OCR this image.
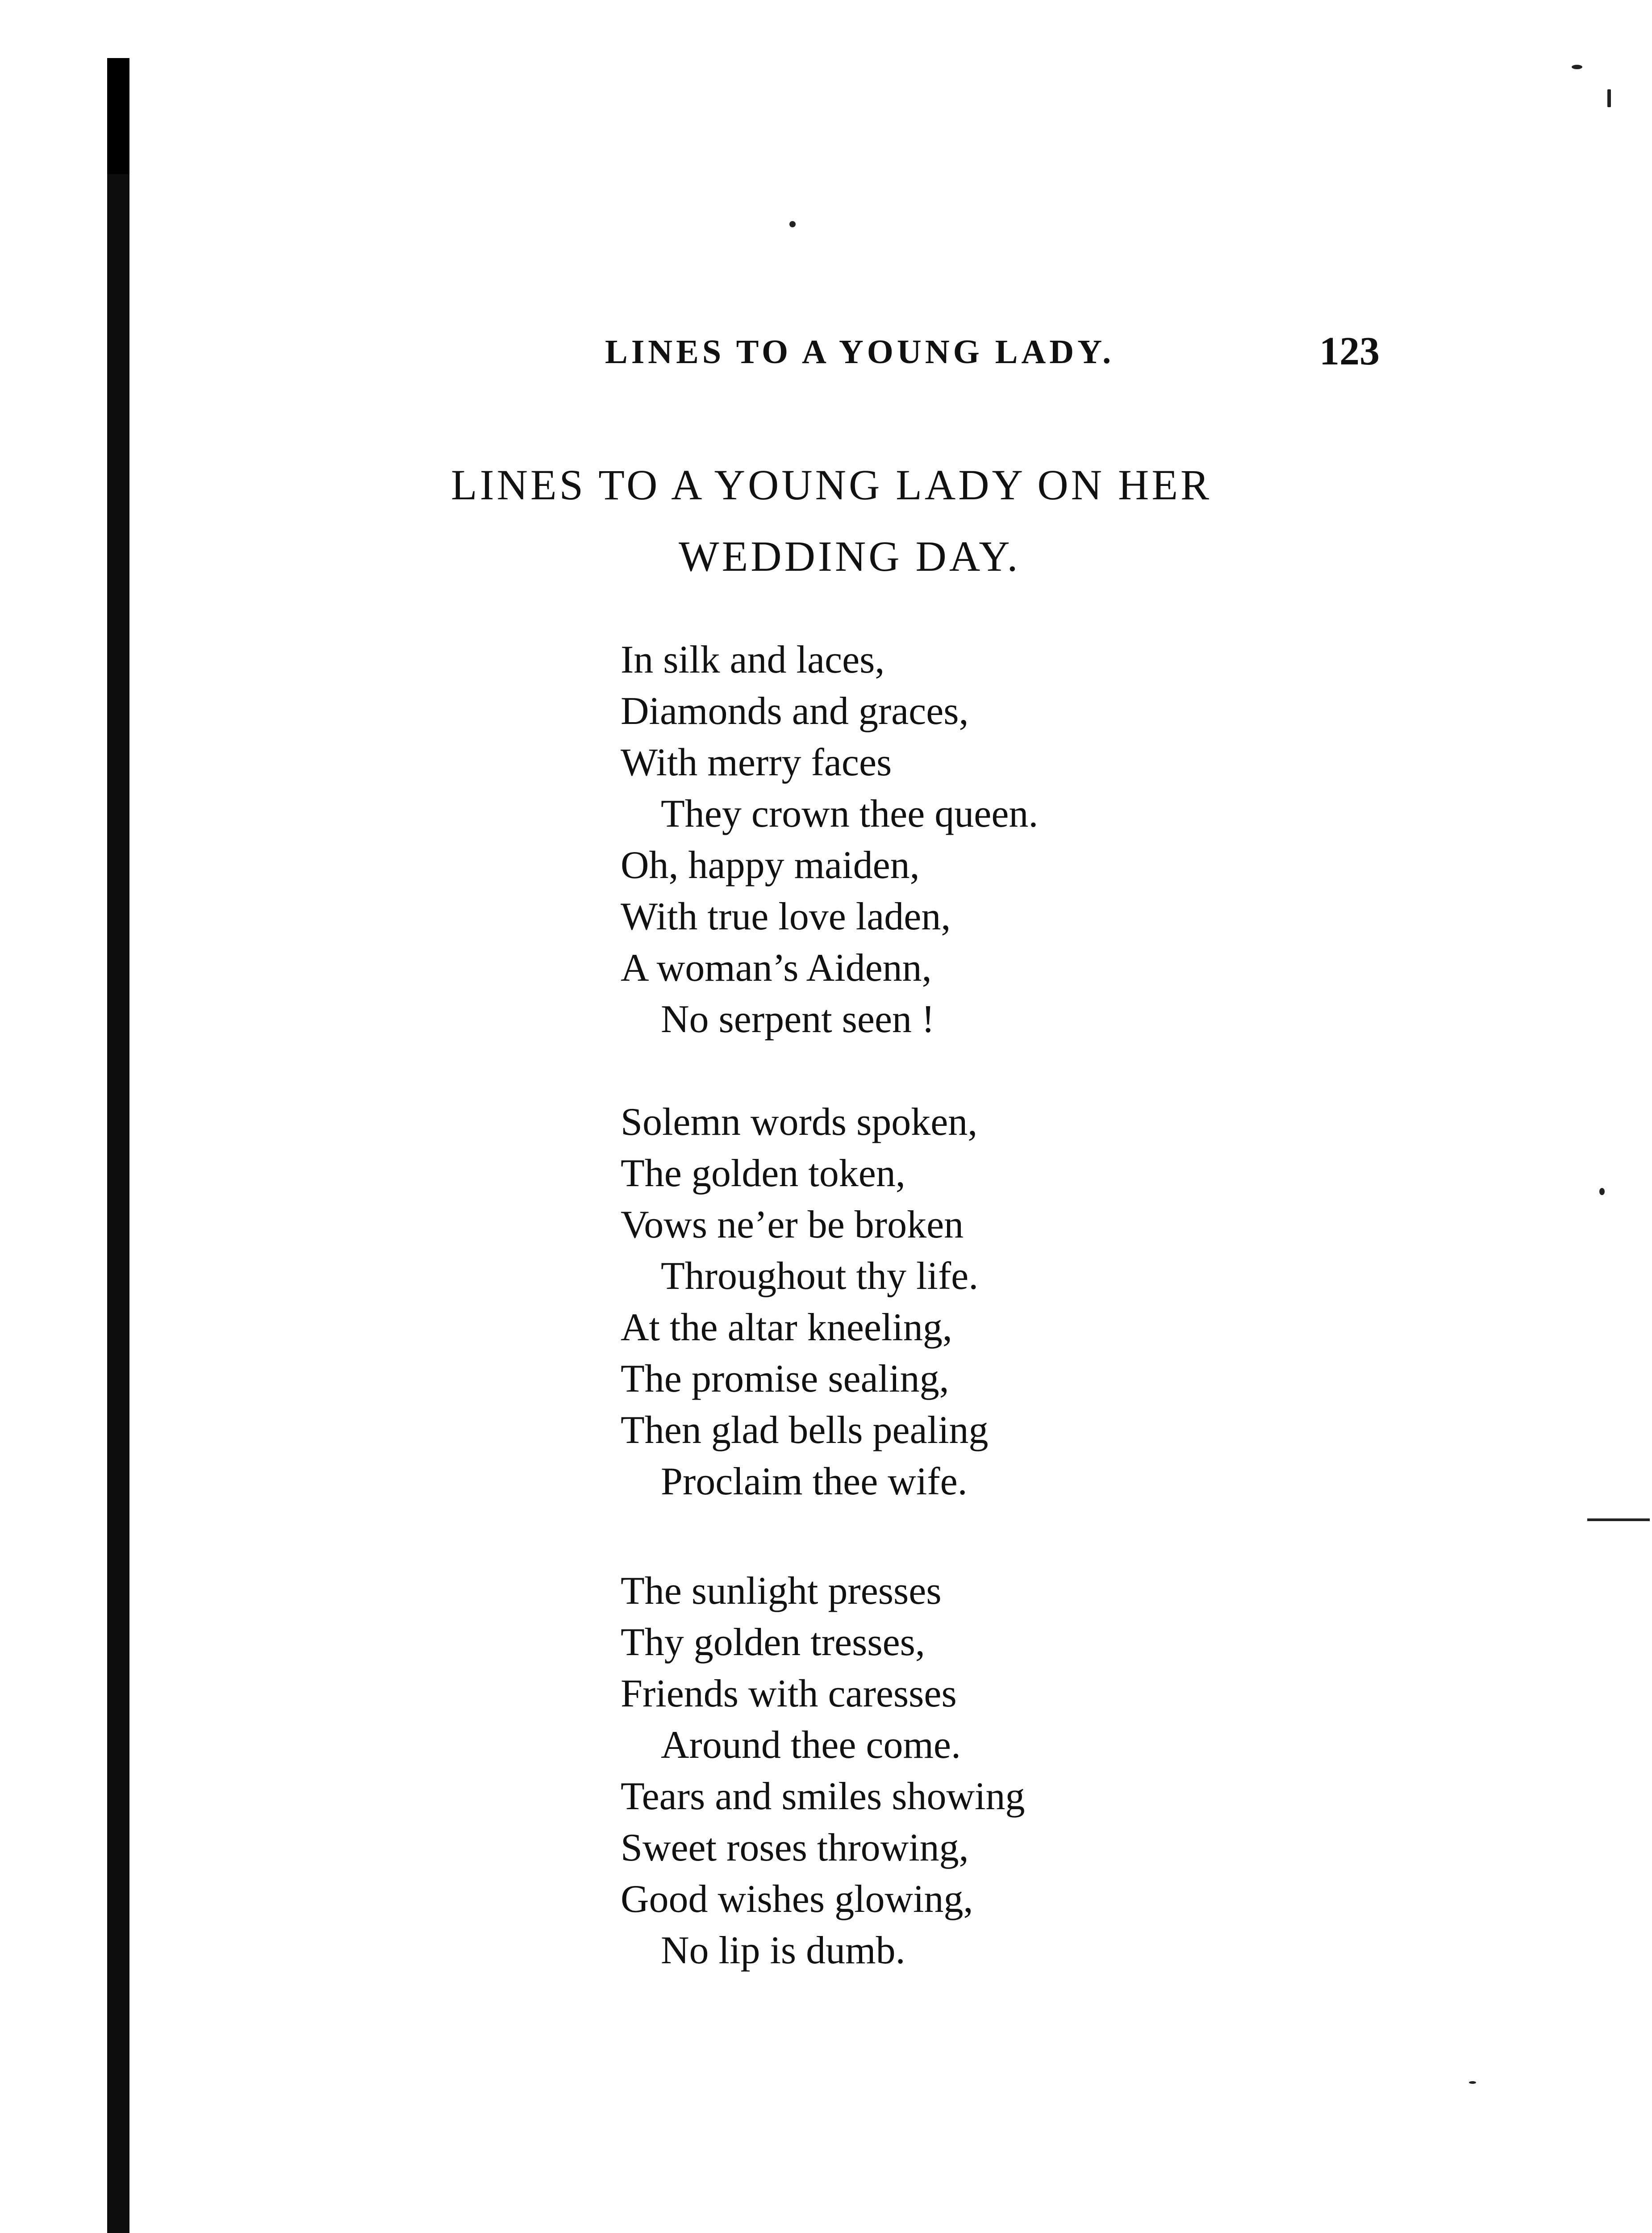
LINES TO A YOUNG LADY.	123
LINES TO A YOUNG LADY ON HER
WEDDING DAY.
In silk and laces,
Diamonds and graces,
With merry faces
They crown thee queen.
Oh, happy maiden,
With true love laden,
A woman’s Aidenn,
No serpent seen !
Solemn words spoken,
The golden token,
Vows ne’er be broken
Throughout thy life.
At the altar kneeling,
The promise sealing,
Then glad bells pealing
Proclaim thee wife.
The sunlight presses
Thy golden tresses,
Friends with caresses
Around thee come.
Tears and smiles showing
Sweet roses throwing,
Good wishes glowing,
No lip is dumb.
